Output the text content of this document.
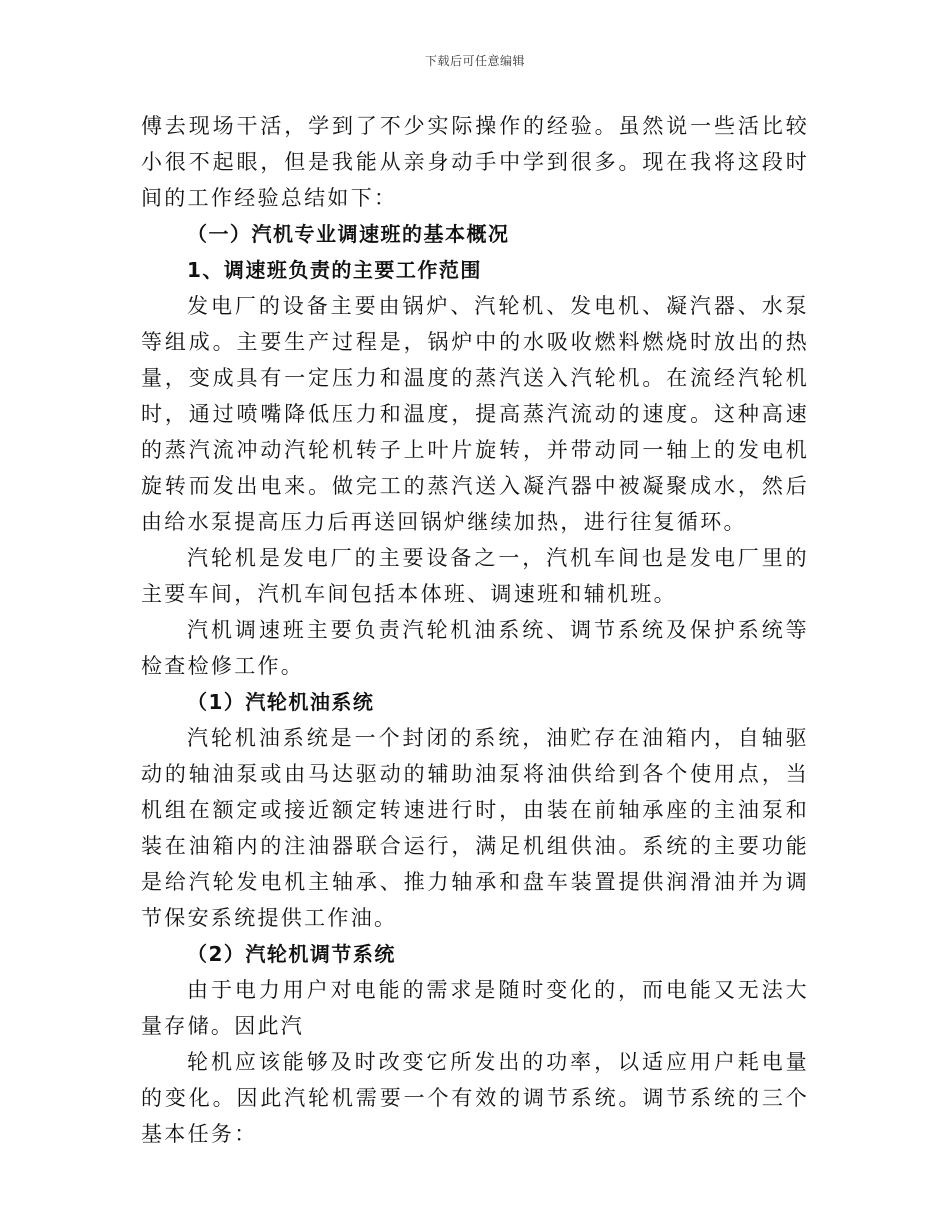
下载后可任意编辑

傅去现场干活，学到了不少实际操作的经验。虽然说一些活比较小很不起眼，但是我能从亲身动手中学到很多。现在我将这段时间的工作经验总结如下：

（一）汽机专业调速班的基本概况

1、调速班负责的主要工作范围

发电厂的设备主要由锅炉、汽轮机、发电机、凝汽器、水泵等组成。主要生产过程是，锅炉中的水吸收燃料燃烧时放出的热量，变成具有一定压力和温度的蒸汽送入汽轮机。在流经汽轮机时，通过喷嘴降低压力和温度，提高蒸汽流动的速度。这种高速的蒸汽流冲动汽轮机转子上叶片旋转，并带动同一轴上的发电机旋转而发出电来。做完工的蒸汽送入凝汽器中被凝聚成水，然后由给水泵提高压力后再送回锅炉继续加热，进行往复循环。

汽轮机是发电厂的主要设备之一，汽机车间也是发电厂里的主要车间，汽机车间包括本体班、调速班和辅机班。

汽机调速班主要负责汽轮机油系统、调节系统及保护系统等检查检修工作。

（1）汽轮机油系统

汽轮机油系统是一个封闭的系统，油贮存在油箱内，自轴驱动的轴油泵或由马达驱动的辅助油泵将油供给到各个使用点，当机组在额定或接近额定转速进行时，由装在前轴承座的主油泵和装在油箱内的注油器联合运行，满足机组供油。系统的主要功能是给汽轮发电机主轴承、推力轴承和盘车装置提供润滑油并为调节保安系统提供工作油。

（2）汽轮机调节系统

由于电力用户对电能的需求是随时变化的，而电能又无法大量存储。因此汽

轮机应该能够及时改变它所发出的功率，以适应用户耗电量的变化。因此汽轮机需要一个有效的调节系统。调节系统的三个基本任务：
